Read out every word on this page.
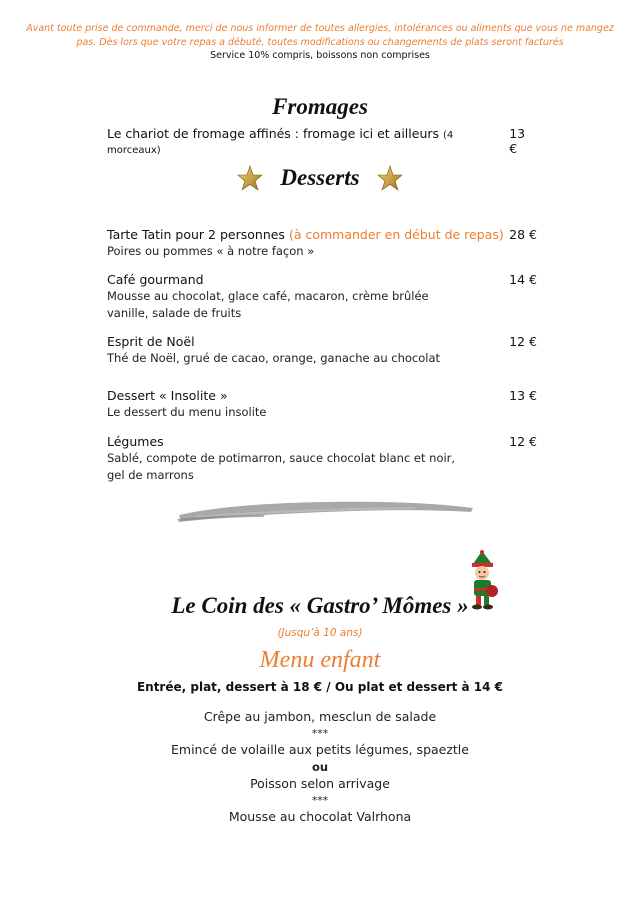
Avant toute prise de commande, merci de nous informer de toutes allergies, intolérances ou aliments que vous ne mangez pas. Dès lors que votre repas a débuté, toutes modifications ou changements de plats seront facturés
Service 10% compris, boissons non comprises
Fromages
Le chariot de fromage affinés : fromage ici et ailleurs (4 morceaux)
13 €
Desserts
Tarte Tatin pour 2 personnes (à commander en début de repas) 28 €
Poires ou pommes « à notre façon »
Café gourmand	14 €
Mousse au chocolat, glace café, macaron, crème brûlée vanille, salade de fruits
Esprit de Noël	12 €
Thé de Noël, grué de cacao, orange, ganache au chocolat
Dessert « Insolite »	13 €
Le dessert du menu insolite
Légumes	12 €
Sablé, compote de potimarron, sauce chocolat blanc et noir, gel de marrons
Le Coin des « Gastro’ Mômes »
(Jusqu’à 10 ans)
Menu enfant
Entrée, plat, dessert à 18 € / Ou plat et dessert à 14 €
Crêpe au jambon, mesclun de salade
***
Emincé de volaille aux petits légumes, spaeztle
ou
Poisson selon arrivage
***
Mousse au chocolat Valrhona
